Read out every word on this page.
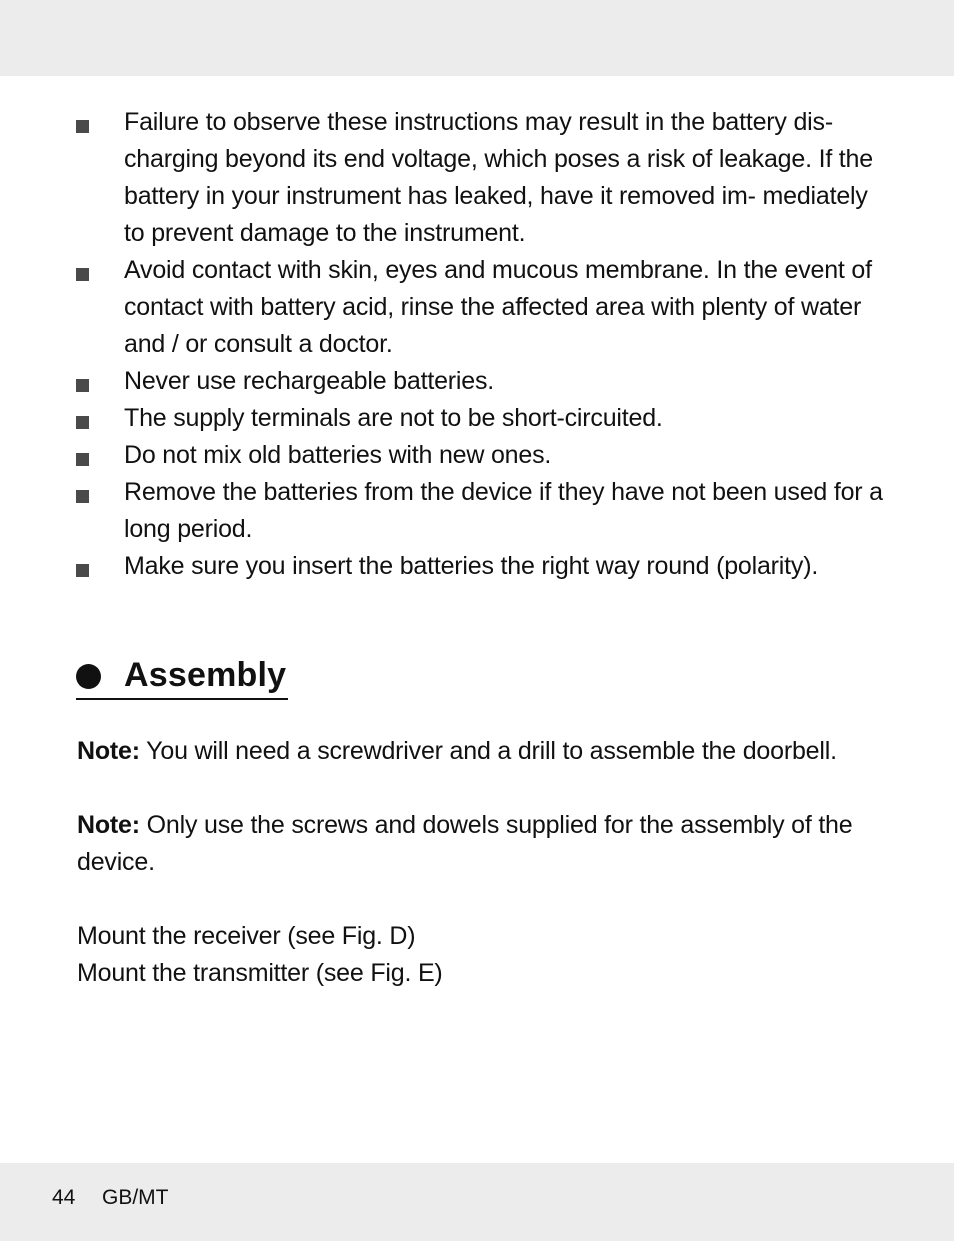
Failure to observe these instructions may result in the battery dis- charging beyond its end voltage, which poses a risk of leakage. If the battery in your instrument has leaked, have it removed im- mediately to prevent damage to the instrument.
Avoid contact with skin, eyes and mucous membrane. In the event of contact with battery acid, rinse the affected area with plenty of water and / or consult a doctor.
Never use rechargeable batteries.
The supply terminals are not to be short-circuited.
Do not mix old batteries with new ones.
Remove the batteries from the device if they have not been used for a long period.
Make sure you insert the batteries the right way round (polarity).
Assembly

Note: You will need a screwdriver and a drill to assemble the doorbell.

Note: Only use the screws and dowels supplied for the assembly of the device.

Mount the receiver (see Fig. D)

Mount the transmitter (see Fig. E)

44 GB/MT
